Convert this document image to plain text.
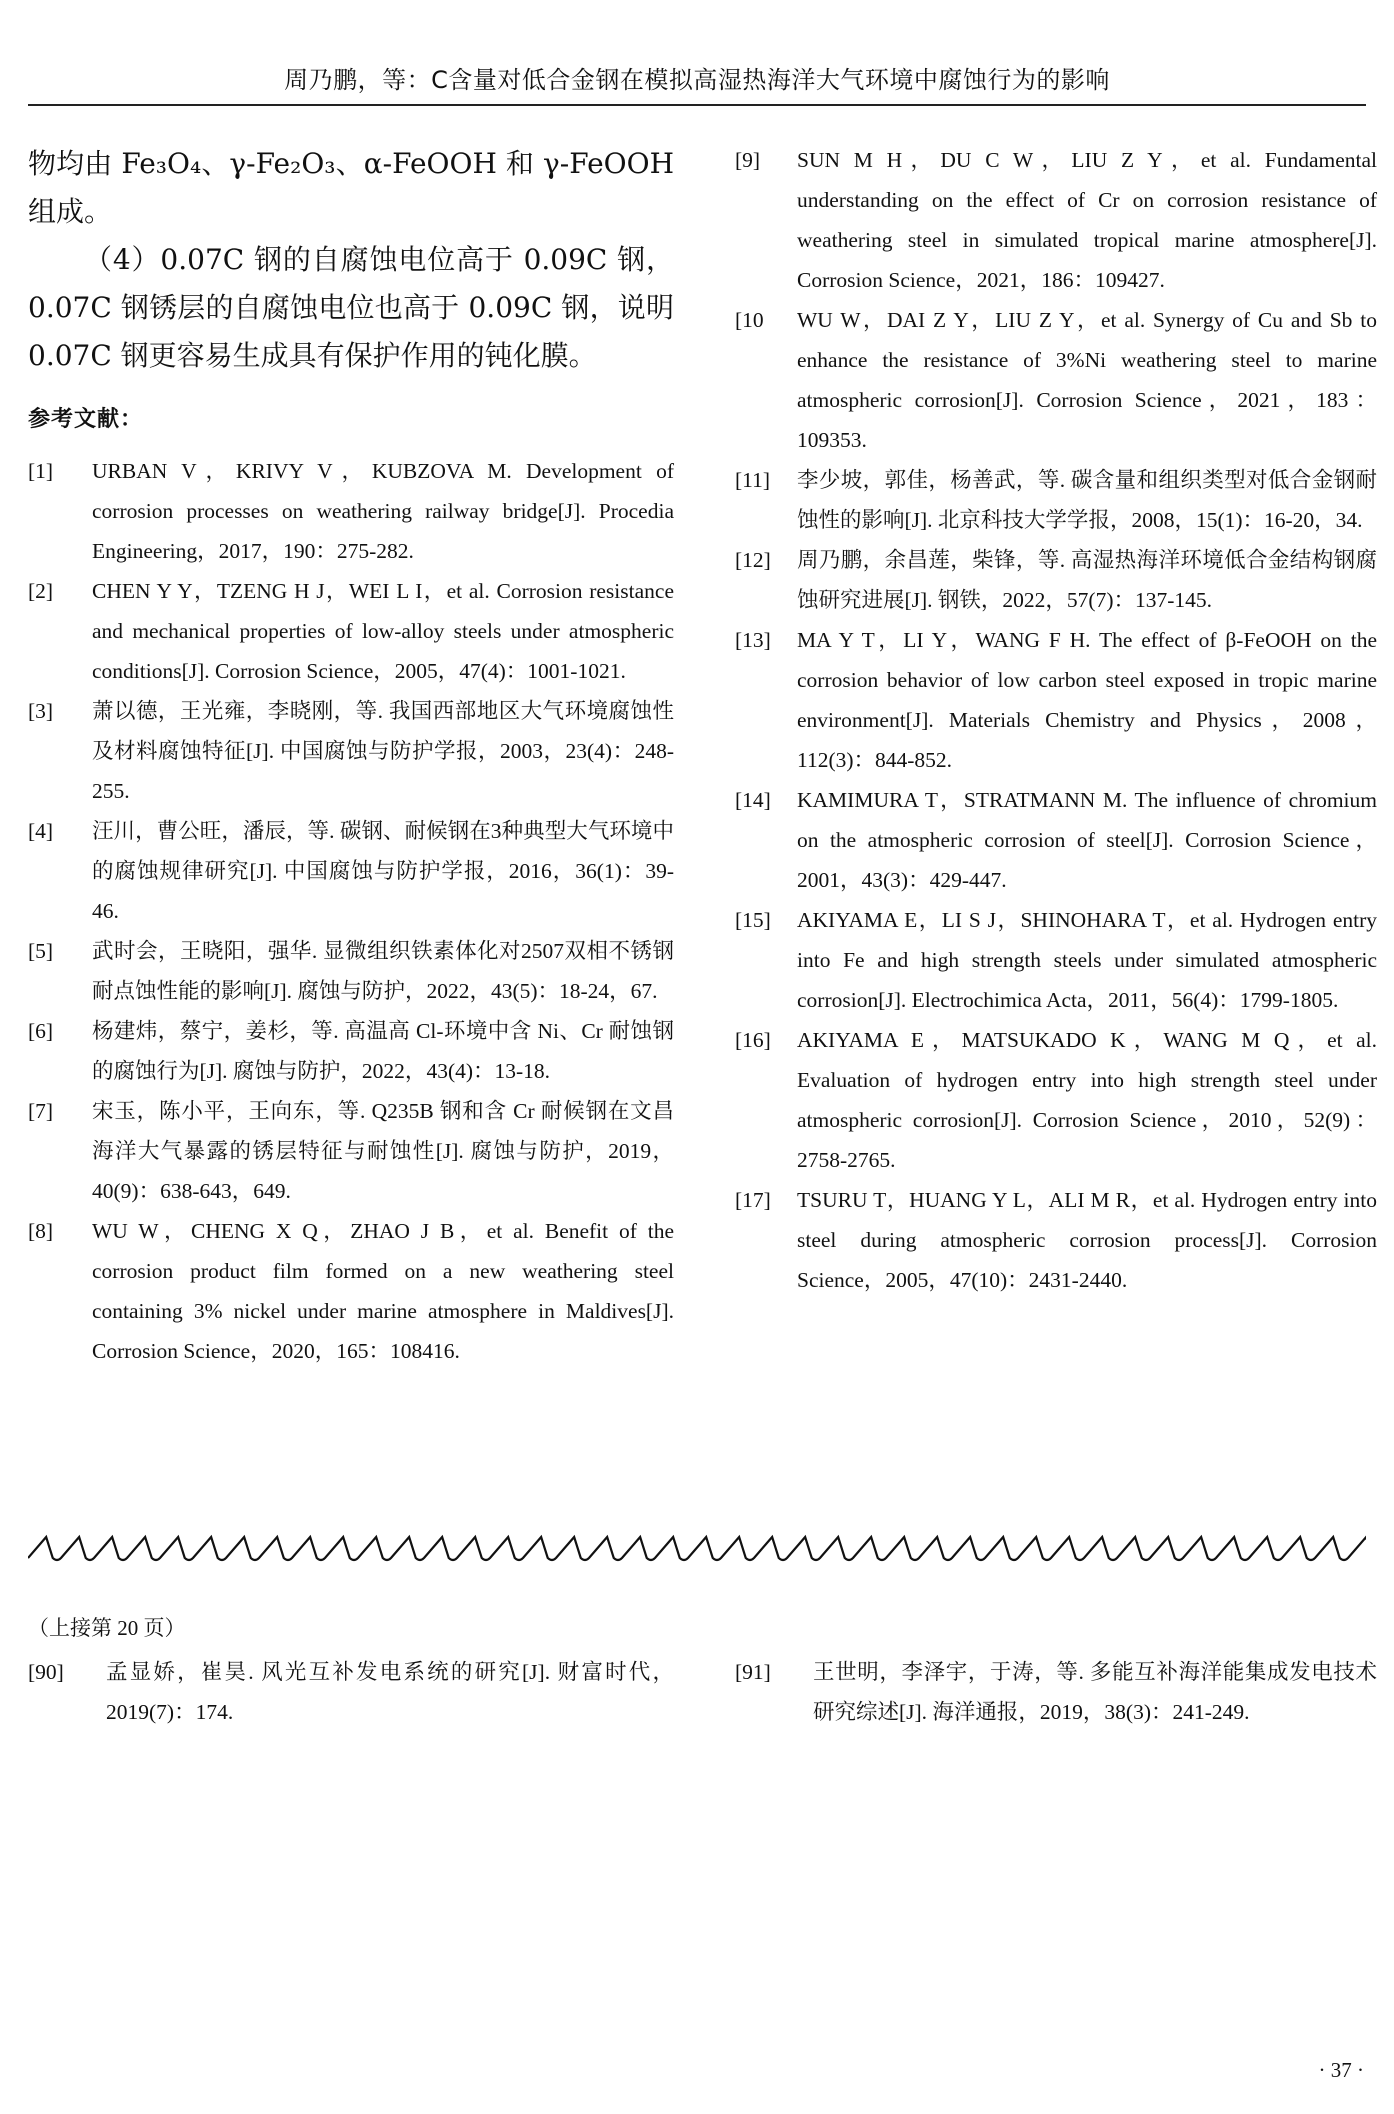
周乃鹏，等：C含量对低合金钢在模拟高湿热海洋大气环境中腐蚀行为的影响

物均由 Fe₃O₄、γ-Fe₂O₃、α-FeOOH 和 γ-FeOOH 组成。

（4）0.07C 钢的自腐蚀电位高于 0.09C 钢，0.07C 钢锈层的自腐蚀电位也高于 0.09C 钢，说明 0.07C 钢更容易生成具有保护作用的钝化膜。

参考文献：
[1] URBAN V，KRIVY V，KUBZOVA M. Development of corrosion processes on weathering railway bridge[J]. Procedia Engineering，2017，190：275-282.
[2] CHEN Y Y，TZENG H J，WEI L I，et al. Corrosion resistance and mechanical properties of low-alloy steels under atmospheric conditions[J]. Corrosion Science，2005，47(4)：1001-1021.
[3] 萧以德，王光雍，李晓刚，等. 我国西部地区大气环境腐蚀性及材料腐蚀特征[J]. 中国腐蚀与防护学报，2003，23(4)：248-255.
[4] 汪川，曹公旺，潘辰，等. 碳钢、耐候钢在3种典型大气环境中的腐蚀规律研究[J]. 中国腐蚀与防护学报，2016，36(1)：39-46.
[5] 武时会，王晓阳，强华. 显微组织铁素体化对2507双相不锈钢耐点蚀性能的影响[J]. 腐蚀与防护，2022，43(5)：18-24，67.
[6] 杨建炜，蔡宁，姜杉，等. 高温高 Cl-环境中含 Ni、Cr 耐蚀钢的腐蚀行为[J]. 腐蚀与防护，2022，43(4)：13-18.
[7] 宋玉，陈小平，王向东，等. Q235B 钢和含 Cr 耐候钢在文昌海洋大气暴露的锈层特征与耐蚀性[J]. 腐蚀与防护，2019，40(9)：638-643，649.
[8] WU W，CHENG X Q，ZHAO J B，et al. Benefit of the corrosion product film formed on a new weathering steel containing 3% nickel under marine atmosphere in Maldives[J]. Corrosion Science，2020，165：108416.
[9] SUN M H，DU C W，LIU Z Y，et al. Fundamental understanding on the effect of Cr on corrosion resistance of weathering steel in simulated tropical marine atmosphere[J]. Corrosion Science，2021，186：109427.
[10 WU W，DAI Z Y，LIU Z Y，et al. Synergy of Cu and Sb to enhance the resistance of 3%Ni weathering steel to marine atmospheric corrosion[J]. Corrosion Science，2021，183：109353.
[11] 李少坡，郭佳，杨善武，等. 碳含量和组织类型对低合金钢耐蚀性的影响[J]. 北京科技大学学报，2008，15(1)：16-20，34.
[12] 周乃鹏，余昌莲，柴锋，等. 高湿热海洋环境低合金结构钢腐蚀研究进展[J]. 钢铁，2022，57(7)：137-145.
[13] MA Y T，LI Y，WANG F H. The effect of β-FeOOH on the corrosion behavior of low carbon steel exposed in tropic marine environment[J]. Materials Chemistry and Physics，2008，112(3)：844-852.
[14] KAMIMURA T，STRATMANN M. The influence of chromium on the atmospheric corrosion of steel[J]. Corrosion Science，2001，43(3)：429-447.
[15] AKIYAMA E，LI S J，SHINOHARA T，et al. Hydrogen entry into Fe and high strength steels under simulated atmospheric corrosion[J]. Electrochimica Acta，2011，56(4)：1799-1805.
[16] AKIYAMA E，MATSUKADO K，WANG M Q，et al. Evaluation of hydrogen entry into high strength steel under atmospheric corrosion[J]. Corrosion Science，2010，52(9)：2758-2765.
[17] TSURU T，HUANG Y L，ALI M R，et al. Hydrogen entry into steel during atmospheric corrosion process[J]. Corrosion Science，2005，47(10)：2431-2440.
（上接第 20 页）
[90] 孟显娇，崔昊. 风光互补发电系统的研究[J]. 财富时代，2019(7)：174.
[91] 王世明，李泽宇，于涛，等. 多能互补海洋能集成发电技术研究综述[J]. 海洋通报，2019，38(3)：241-249.
· 37 ·
